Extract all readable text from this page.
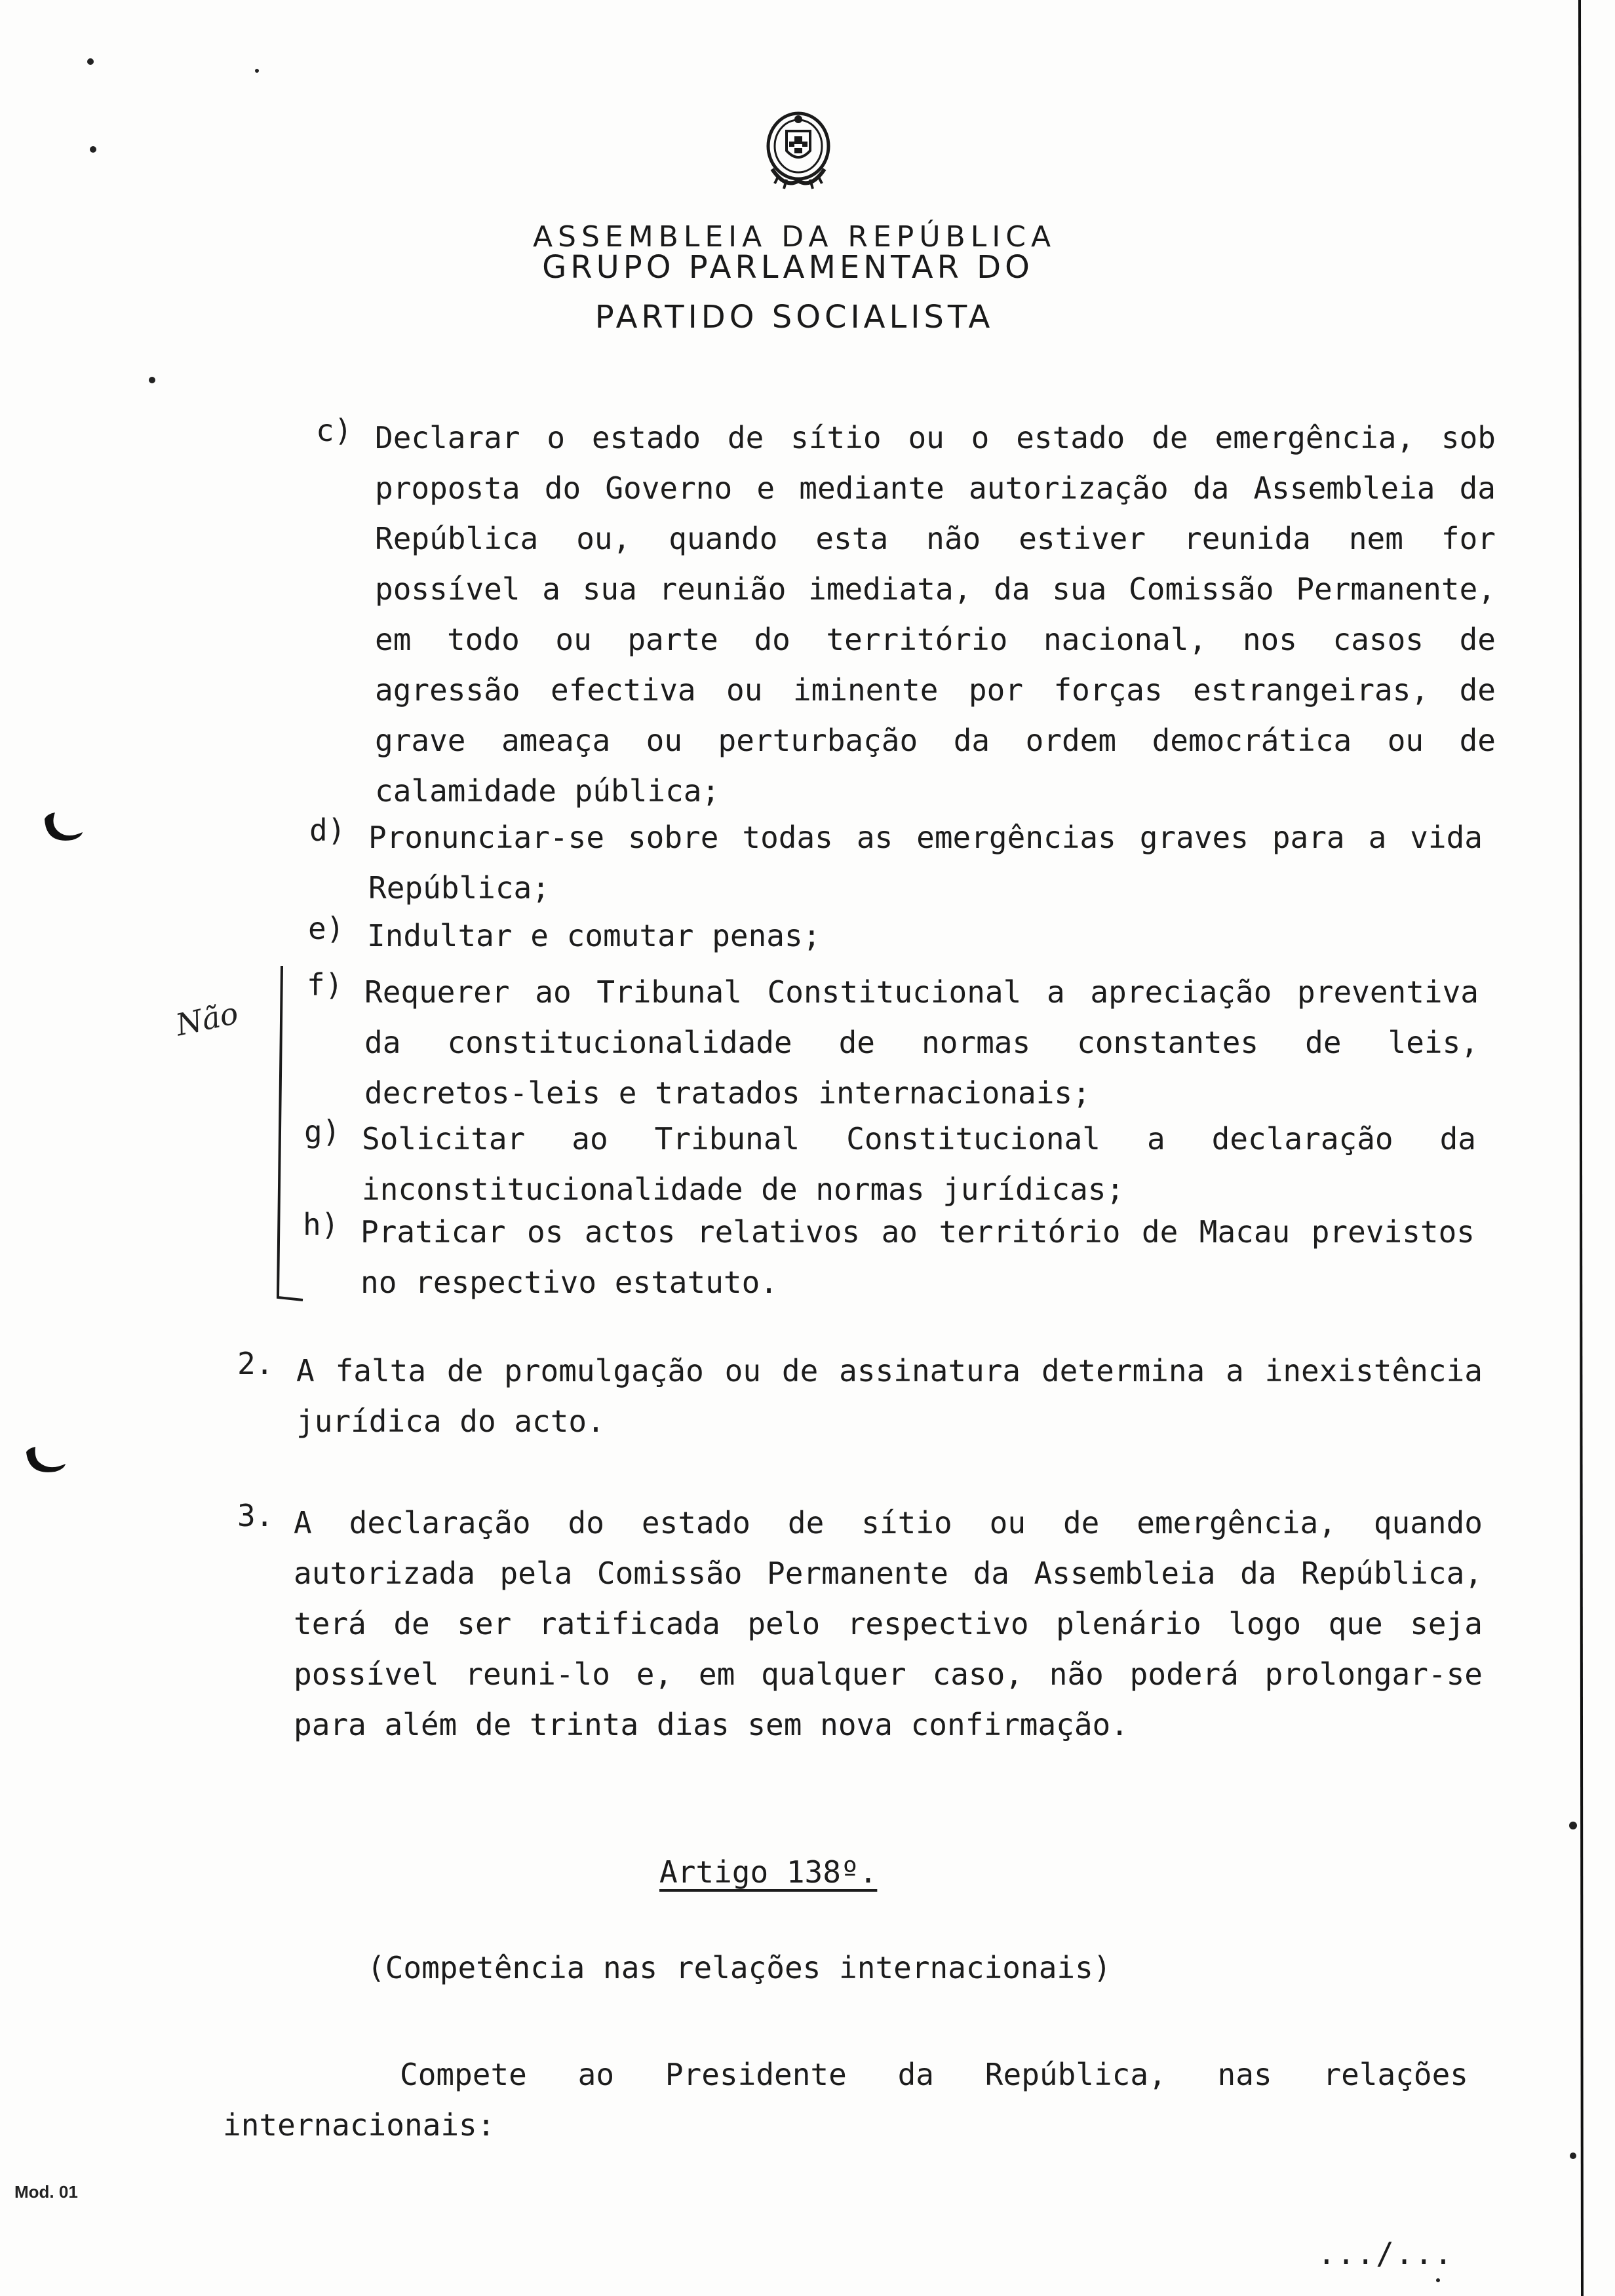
ASSEMBLEIA DA REPÚBLICA
GRUPO PARLAMENTAR DO
PARTIDO SOCIALISTA
c) Declarar o estado de sítio ou o estado de emergência, sob proposta do Governo e mediante autorização da Assembleia da República ou, quando esta não estiver reunida nem for possível a sua reunião imediata, da sua Comissão Permanente, em todo ou parte do território nacional, nos casos de agressão efectiva ou iminente por forças estrangeiras, de grave ameaça ou perturbação da ordem democrática ou de calamidade pública;
d) Pronunciar-se sobre todas as emergências graves para a vida República;
e) Indultar e comutar penas;
f) Requerer ao Tribunal Constitucional a apreciação preventiva da constitucionalidade de normas constantes de leis, decretos-leis e tratados internacionais;
g) Solicitar ao Tribunal Constitucional a declaração da inconstitucionalidade de normas jurídicas;
h) Praticar os actos relativos ao território de Macau previstos no respectivo estatuto.
Não
2. A falta de promulgação ou de assinatura determina a inexistência jurídica do acto.
3. A declaração do estado de sítio ou de emergência, quando autorizada pela Comissão Permanente da Assembleia da República, terá de ser ratificada pelo respectivo plenário logo que seja possível reuni-lo e, em qualquer caso, não poderá prolongar-se para além de trinta dias sem nova confirmação.
Artigo 138º.
(Competência nas relações internacionais)
Compete ao Presidente da República, nas relações internacionais:
Mod. 01
.../...
